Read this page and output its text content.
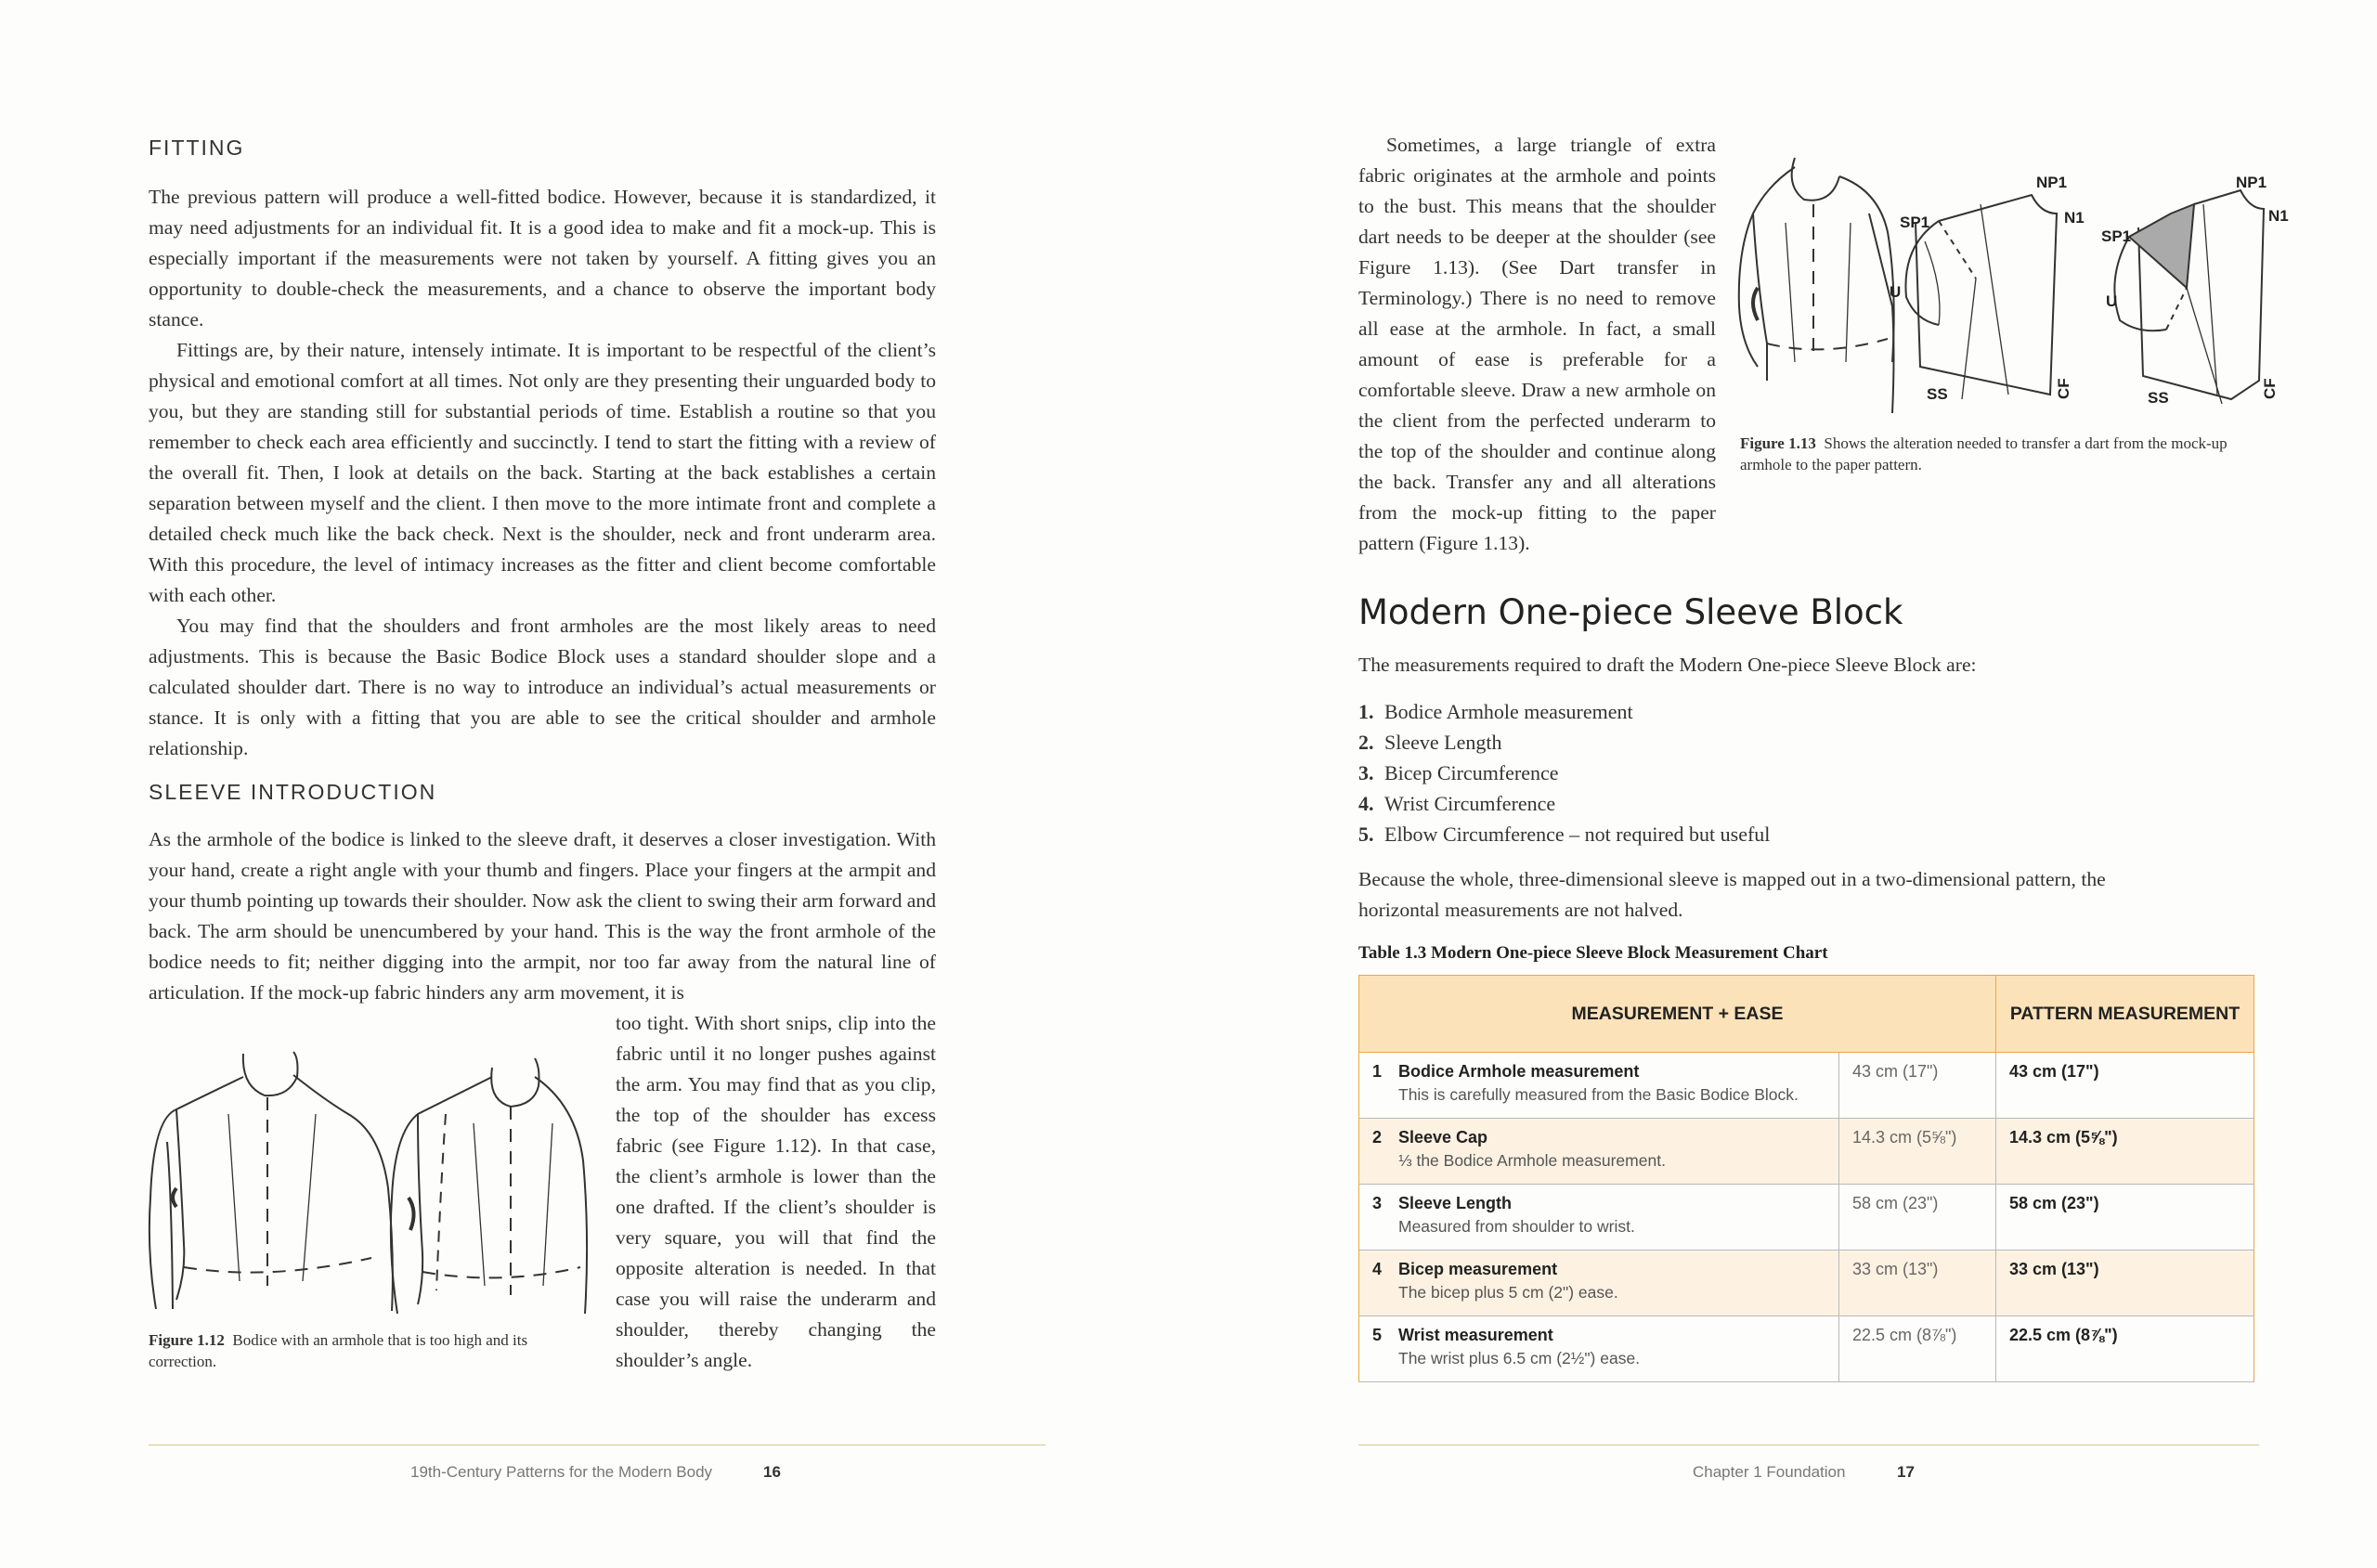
FITTING

The previous pattern will produce a well-fitted bodice. However, because it is standardized, it may need adjustments for an individual fit. It is a good idea to make and fit a mock-up. This is especially important if the measurements were not taken by yourself. A fitting gives you an opportunity to double-check the measurements, and a chance to observe the important body stance.

Fittings are, by their nature, intensely intimate. It is important to be respectful of the client’s physical and emotional comfort at all times. Not only are they presenting their unguarded body to you, but they are standing still for substantial periods of time. Establish a routine so that you remember to check each area efficiently and succinctly. I tend to start the fitting with a review of the overall fit. Then, I look at details on the back. Starting at the back establishes a certain separation between myself and the client. I then move to the more intimate front and complete a detailed check much like the back check. Next is the shoulder, neck and front underarm area. With this procedure, the level of intimacy increases as the fitter and client become comfortable with each other.

You may find that the shoulders and front armholes are the most likely areas to need adjustments. This is because the Basic Bodice Block uses a standard shoulder slope and a calculated shoulder dart. There is no way to introduce an individual’s actual measurements or stance. It is only with a fitting that you are able to see the critical shoulder and armhole relationship.

SLEEVE INTRODUCTION

As the armhole of the bodice is linked to the sleeve draft, it deserves a closer investigation. With your hand, create a right angle with your thumb and fingers. Place your fingers at the armpit and your thumb pointing up towards their shoulder. Now ask the client to swing their arm forward and back. The arm should be unencumbered by your hand. This is the way the front armhole of the bodice needs to fit; neither digging into the armpit, nor too far away from the natural line of articulation. If the mock-up fabric hinders any arm movement, it is

too tight. With short snips, clip into the fabric until it no longer pushes against the arm. You may find that as you clip, the top of the shoulder has excess fabric (see Figure 1.12). In that case, the client’s armhole is lower than the one drafted. If the client’s shoulder is very square, you will that find the opposite alteration is needed. In that case you will raise the underarm and shoulder, thereby changing the shoulder’s angle.

Figure 1.12 Bodice with an armhole that is too high and its correction.
19th-Century Patterns for the Modern Body	16

Sometimes, a large triangle of extra fabric originates at the armhole and points to the bust. This means that the shoulder dart needs to be deeper at the shoulder (see Figure 1.13). (See Dart transfer in Terminology.) There is no need to remove all ease at the armhole. In fact, a small amount of ease is preferable for a comfortable sleeve. Draw a new armhole on the client from the perfected underarm to the top of the shoulder and continue along the back. Transfer any and all alterations from the mock-up fitting to the paper pattern (Figure 1.13).

NP1
N1
SP1
U
SS	CF
NP1
N1
SP1
U
SS	CF
Figure 1.13 Shows the alteration needed to transfer a dart from the mock-up armhole to the paper pattern.
Modern One-piece Sleeve Block
The measurements required to draft the Modern One-piece Sleeve Block are:
1. Bodice Armhole measurement
2. Sleeve Length
3. Bicep Circumference
4. Wrist Circumference
5. Elbow Circumference – not required but useful
Because the whole, three-dimensional sleeve is mapped out in a two-dimensional pattern, the horizontal measurements are not halved.
Table 1.3 Modern One-piece Sleeve Block Measurement Chart
MEASUREMENT + EASE			PATTERN MEASUREMENT
1	Bodice Armhole measurement
This is carefully measured from the Basic Bodice Block.	43 cm (17")	43 cm (17")
2	Sleeve Cap
⅓ the Bodice Armhole measurement.	14.3 cm (5⅝")	14.3 cm (5⅝")
3	Sleeve Length
Measured from shoulder to wrist.	58 cm (23")	58 cm (23")
4	Bicep measurement
The bicep plus 5 cm (2") ease.	33 cm (13")	33 cm (13")
5	Wrist measurement
The wrist plus 6.5 cm (2½") ease.	22.5 cm (8⅞")	22.5 cm (8⅞")
Chapter 1 Foundation	17
